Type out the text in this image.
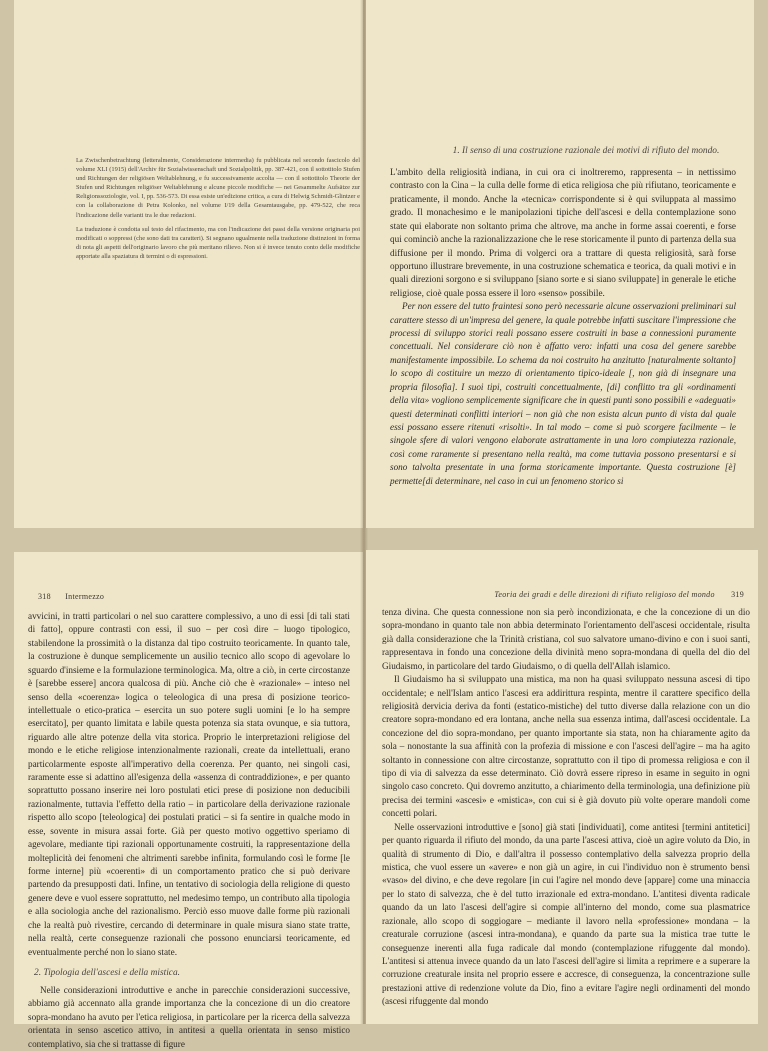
La Zwischenbetrachtung (letteralmente, Considerazione intermedia) fu pubblicata nel secondo fascicolo del volume XLI (1915) dell'Archiv für Sozialwissenschaft und Sozialpolitik, pp. 387-421, con il sottotitolo Stufen und Richtungen der religiösen Weltablehnung, e fu successivamente accolta — con il sottotitolo Theorie der Stufen und Richtungen religiöser Weltablehnung e alcune piccole modifiche — nei Gesammelte Aufsätze zur Religionssoziologie, vol. I, pp. 536-573. Di essa esiste un'edizione critica, a cura di Helwig Schmidt-Glintzer e con la collaborazione di Petra Kolonko, nel volume I/19 della Gesamtausgabe, pp. 479-522, che reca l'indicazione delle varianti tra le due redazioni.

La traduzione è condotta sul testo del rifacimento, ma con l'indicazione dei passi della versione originaria poi modificati o soppressi (che sono dati tra caratteri). Si segnano ugualmente nella traduzione distinzioni in forma di nota gli aspetti dell'originario lavoro che più meritano rilievo. Non si è invece tenuto conto delle modifiche apportate alla spaziatura di termini o di espressioni.

1. Il senso di una costruzione razionale dei motivi di rifiuto del mondo.

L'ambito della religiosità indiana, in cui ora ci inoltreremo, rappresenta – in nettissimo contrasto con la Cina – la culla delle forme di etica religiosa che più rifiutano, teoricamente e praticamente, il mondo. Anche la «tecnica» corrispondente si è qui sviluppata al massimo grado. Il monachesimo e le manipolazioni tipiche dell'ascesi e della contemplazione sono state qui elaborate non soltanto prima che altrove, ma anche in forme assai coerenti, e forse qui cominciò anche la razionalizzazione che le rese storicamente il punto di partenza della sua diffusione per il mondo. Prima di volgerci ora a trattare di questa religiosità, sarà forse opportuno illustrare brevemente, in una costruzione schematica e teorica, da quali motivi e in quali direzioni sorgono e si sviluppano [siano sorte e si siano sviluppate] in generale le etiche religiose, cioè quale possa essere il loro «senso» possibile.

Per non essere del tutto fraintesi sono però necessarie alcune osservazioni preliminari sul carattere stesso di un'impresa del genere, la quale potrebbe infatti suscitare l'impressione che processi di sviluppo storici reali possano essere costruiti in base a connessioni puramente concettuali. Nel considerare ciò non è affatto vero: infatti una cosa del genere sarebbe manifestamente impossibile. Lo schema da noi costruito ha anzitutto [naturalmente soltanto] lo scopo di costituire un mezzo di orientamento tipico-ideale [, non già di insegnare una propria filosofia]. I suoi tipi, costruiti concettualmente, [di] conflitto tra gli «ordinamenti della vita» vogliono semplicemente significare che in questi punti sono possibili e «adeguati» questi determinati conflitti interiori – non già che non esista alcun punto di vista dal quale essi possano essere ritenuti «risolti». In tal modo – come si può scorgere facilmente – le singole sfere di valori vengono elaborate astrattamente in una loro compiutezza razionale, così come raramente si presentano nella realtà, ma come tuttavia possono presentarsi e si sono talvolta presentate in una forma storicamente importante. Questa costruzione [è] permette[di determinare, nel caso in cui un fenomeno storico si

318 Intermezzo

avvicini, in tratti particolari o nel suo carattere complessivo, a uno di essi [di tali stati di fatto], oppure contrasti con essi, il suo – per così dire – luogo tipologico, stabilendone la prossimità o la distanza dal tipo costruito teoricamente. In quanto tale, la costruzione è dunque semplicemente un ausilio tecnico allo scopo di agevolare lo sguardo d'insieme e la formulazione terminologica. Ma, oltre a ciò, in certe circostanze è [sarebbe essere] ancora qualcosa di più. Anche ciò che è «razionale» – inteso nel senso della «coerenza» logica o teleologica di una presa di posizione teorico-intellettuale o etico-pratica – esercita un suo potere sugli uomini [e lo ha sempre esercitato], per quanto limitata e labile questa potenza sia stata ovunque, e sia tuttora, riguardo alle altre potenze della vita storica. Proprio le interpretazioni religiose del mondo e le etiche religiose intenzionalmente razionali, create da intellettuali, erano particolarmente esposte all'imperativo della coerenza. Per quanto, nei singoli casi, raramente esse si adattino all'esigenza della «assenza di contraddizione», e per quanto soprattutto possano inserire nei loro postulati etici prese di posizione non deducibili razionalmente, tuttavia l'effetto della ratio – in particolare della derivazione razionale rispetto allo scopo [teleologica] dei postulati pratici – si fa sentire in qualche modo in esse, sovente in misura assai forte. Già per questo motivo oggettivo speriamo di agevolare, mediante tipi razionali opportunamente costruiti, la rappresentazione della molteplicità dei fenomeni che altrimenti sarebbe infinita, formulando così le forme [le forme interne] più «coerenti» di un comportamento pratico che si può derivare partendo da presupposti dati. Infine, un tentativo di sociologia della religione di questo genere deve e vuol essere soprattutto, nel medesimo tempo, un contributo alla tipologia e alla sociologia anche del razionalismo. Perciò esso muove dalle forme più razionali che la realtà può rivestire, cercando di determinare in quale misura siano state tratte, nella realtà, certe conseguenze razionali che possono enunciarsi teoricamente, ed eventualmente perché non lo siano state.

2. Tipologia dell'ascesi e della mistica.

Nelle considerazioni introduttive e anche in parecchie considerazioni successive, abbiamo già accennato alla grande importanza che la concezione di un dio creatore sopra-mondano ha avuto per l'etica religiosa, in particolare per la ricerca della salvezza orientata in senso ascetico attivo, in antitesi a quella orientata in senso mistico contemplativo, sia che si trattasse di figure

Teoria dei gradi e delle direzioni di rifiuto religioso del mondo 319

tenza divina. Che questa connessione non sia però incondizionata, e che la concezione di un dio sopra-mondano in quanto tale non abbia determinato l'orientamento dell'ascesi occidentale, risulta già dalla considerazione che la Trinità cristiana, col suo salvatore umano-divino e con i suoi santi, rappresentava in fondo una concezione della divinità meno sopra-mondana di quella del dio del Giudaismo, in particolare del tardo Giudaismo, o di quella dell'Allah islamico.

Il Giudaismo ha sì sviluppato una mistica, ma non ha quasi sviluppato nessuna ascesi di tipo occidentale; e nell'Islam antico l'ascesi era addirittura respinta, mentre il carattere specifico della religiosità dervicia deriva da fonti (estatico-mistiche) del tutto diverse dalla relazione con un dio creatore sopra-mondano ed era lontana, anche nella sua essenza intima, dall'ascesi occidentale. La concezione del dio sopra-mondano, per quanto importante sia stata, non ha chiaramente agito da sola – nonostante la sua affinità con la profezia di missione e con l'ascesi dell'agire – ma ha agito soltanto in connessione con altre circostanze, soprattutto con il tipo di promessa religiosa e con il tipo di via di salvezza da esse determinato. Ciò dovrà essere ripreso in esame in seguito in ogni singolo caso concreto. Qui dovremo anzitutto, a chiarimento della terminologia, una definizione più precisa dei termini «ascesi» e «mistica», con cui si è già dovuto più volte operare mandoli come concetti polari.

Nelle osservazioni introduttive e [sono] già stati [individuati], come antitesi [termini antitetici] per quanto riguarda il rifiuto del mondo, da una parte l'ascesi attiva, cioè un agire voluto da Dio, in qualità di strumento di Dio, e dall'altra il possesso contemplativo della salvezza proprio della mistica, che vuol essere un «avere» e non già un agire, in cui l'individuo non è strumento bensì «vaso» del divino, e che deve regolare [in cui l'agire nel mondo deve [appare] come una minaccia per lo stato di salvezza, che è del tutto irrazionale ed extra-mondano. L'antitesi diventa radicale quando da un lato l'ascesi dell'agire si compie all'interno del mondo, come sua plasmatrice razionale, allo scopo di soggiogare – mediante il lavoro nella «professione» mondana – la creaturale corruzione (ascesi intra-mondana), e quando da parte sua la mistica trae tutte le conseguenze inerenti alla fuga radicale dal mondo (contemplazione rifuggente dal mondo). L'antitesi si attenua invece quando da un lato l'ascesi dell'agire si limita a reprimere e a superare la corruzione creaturale insita nel proprio essere e accresce, di conseguenza, la concentrazione sulle prestazioni attive di redenzione volute da Dio, fino a evitare l'agire negli ordinamenti del mondo (ascesi rifuggente dal mondo
